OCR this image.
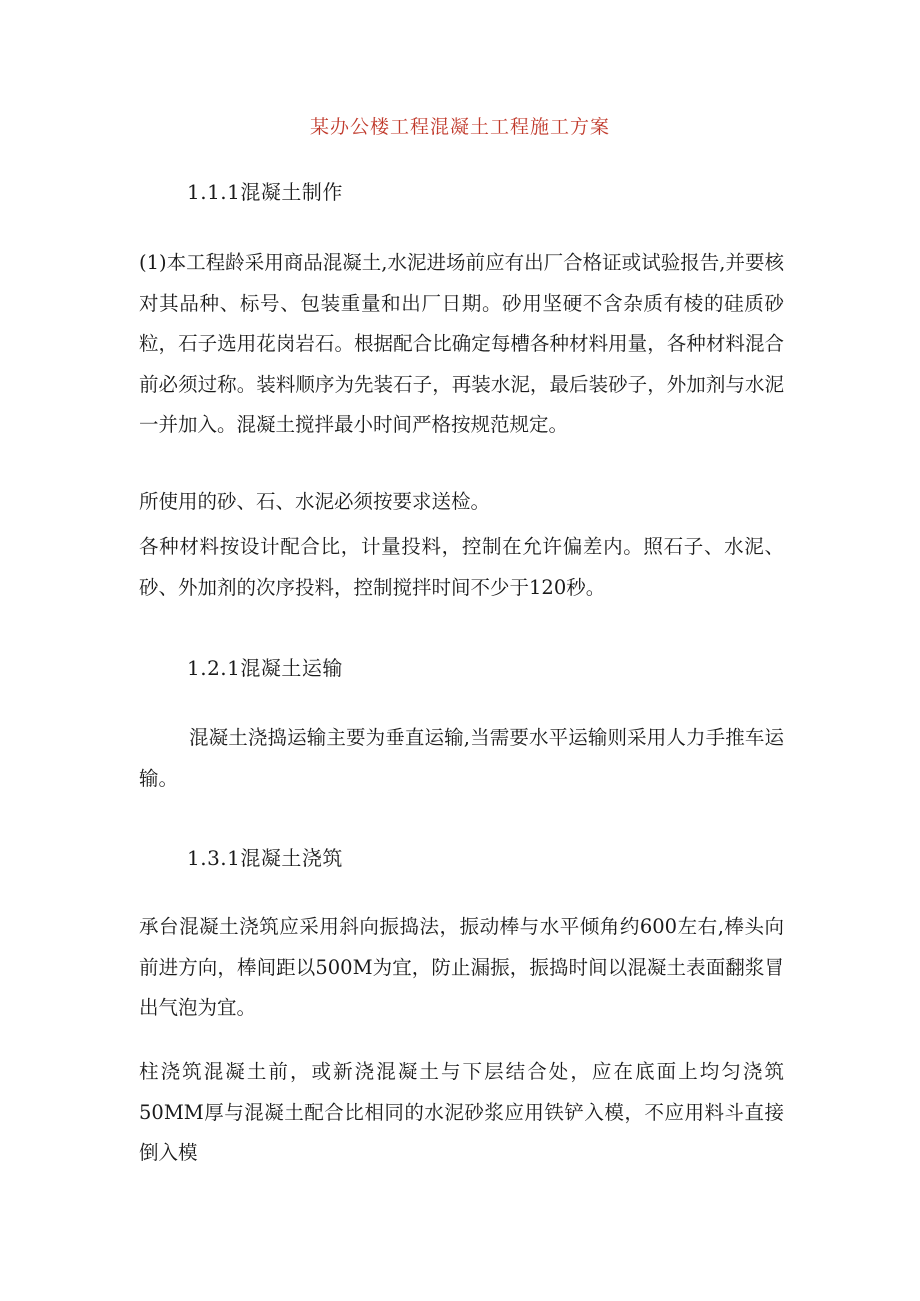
某办公楼工程混凝土工程施工方案
1.1.1混凝土制作
(1)本工程龄采用商品混凝土,水泥进场前应有出厂合格证或试验报告,并要核对其品种、标号、包装重量和出厂日期。砂用坚硬不含杂质有棱的硅质砂粒，石子选用花岗岩石。根据配合比确定每槽各种材料用量，各种材料混合前必须过称。装料顺序为先装石子，再装水泥，最后装砂子，外加剂与水泥一并加入。混凝土搅拌最小时间严格按规范规定。
所使用的砂、石、水泥必须按要求送检。
各种材料按设计配合比，计量投料，控制在允许偏差内。照石子、水泥、砂、外加剂的次序投料，控制搅拌时间不少于120秒。
1.2.1混凝土运输
混凝土浇捣运输主要为垂直运输,当需要水平运输则采用人力手推车运输。
1.3.1混凝土浇筑
承台混凝土浇筑应采用斜向振捣法，振动棒与水平倾角约600左右,棒头向前进方向，棒间距以500M为宜，防止漏振，振捣时间以混凝土表面翻浆冒出气泡为宜。
柱浇筑混凝土前，或新浇混凝土与下层结合处，应在底面上均匀浇筑50MM厚与混凝土配合比相同的水泥砂浆应用铁铲入模，不应用料斗直接倒入模
